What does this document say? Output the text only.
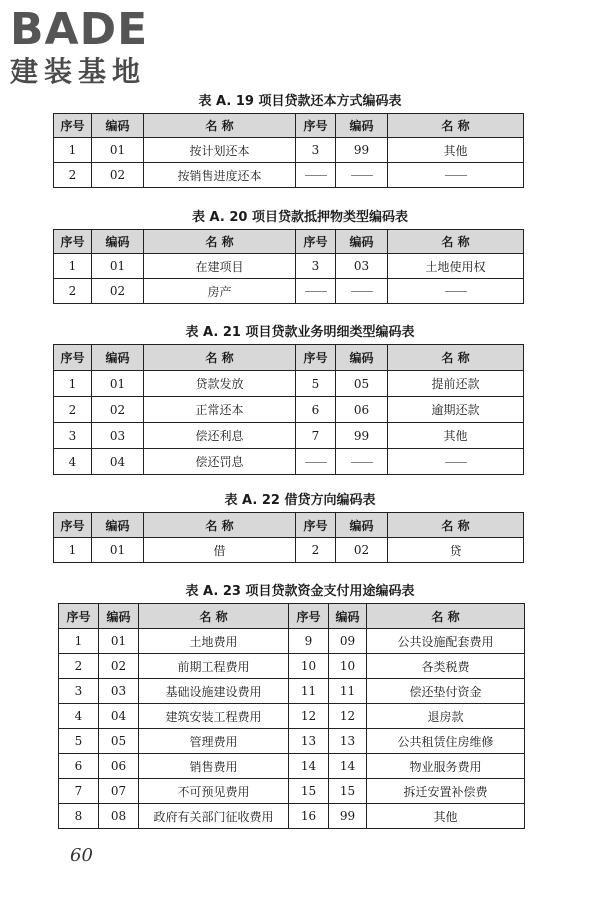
BADE
建装基地
表 A. 19 项目贷款还本方式编码表
序号	编码	名 称	序号	编码	名 称
1	01	按计划还本	3	99	其他
2	02	按销售进度还本	——	——	——
表 A. 20 项目贷款抵押物类型编码表
序号	编码	名 称	序号	编码	名 称
1	01	在建项目	3	03	土地使用权
2	02	房产	——	——	——
表 A. 21 项目贷款业务明细类型编码表
序号	编码	名 称	序号	编码	名 称
1	01	贷款发放	5	05	提前还款
2	02	正常还本	6	06	逾期还款
3	03	偿还利息	7	99	其他
4	04	偿还罚息	——	——	——
表 A. 22 借贷方向编码表
序号	编码	名 称	序号	编码	名 称
1	01	借	2	02	贷
表 A. 23 项目贷款资金支付用途编码表
序号	编码	名 称	序号	编码	名 称
1	01	土地费用	9	09	公共设施配套费用
2	02	前期工程费用	10	10	各类税费
3	03	基础设施建设费用	11	11	偿还垫付资金
4	04	建筑安装工程费用	12	12	退房款
5	05	管理费用	13	13	公共租赁住房维修
6	06	销售费用	14	14	物业服务费用
7	07	不可预见费用	15	15	拆迁安置补偿费
8	08	政府有关部门征收费用	16	99	其他
60
